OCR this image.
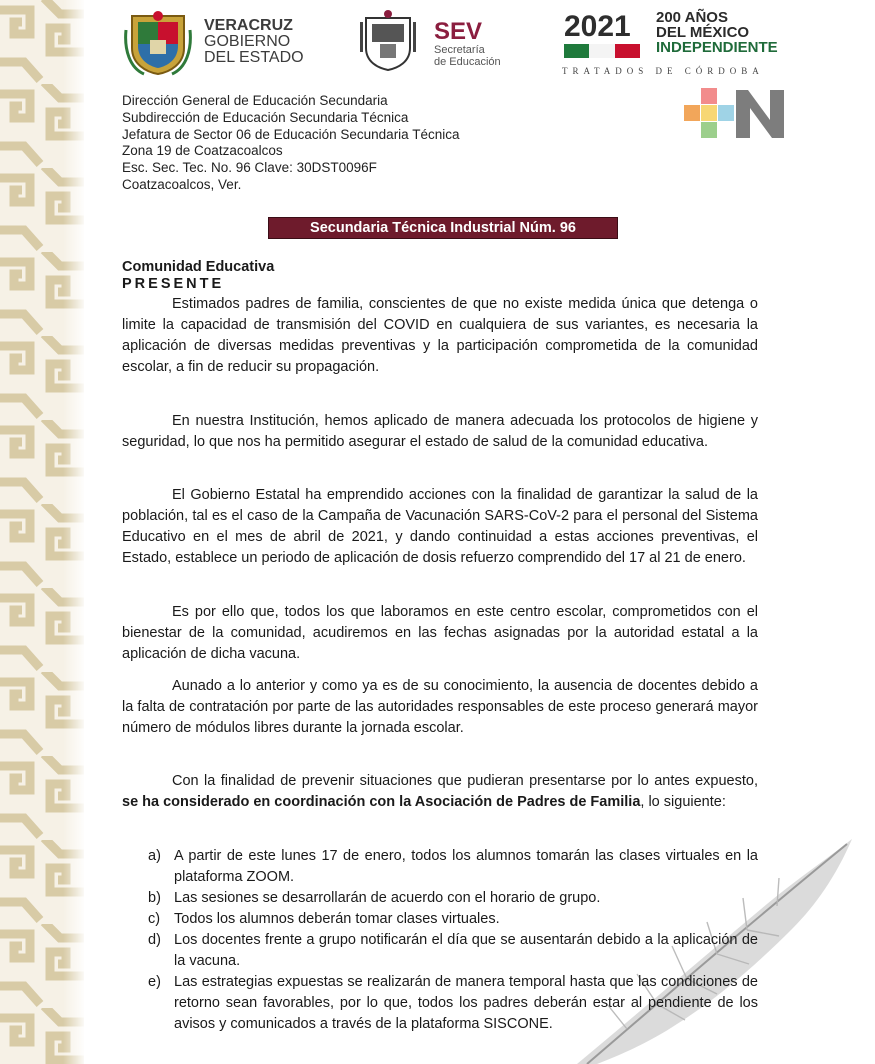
VERACRUZ
GOBIERNO
DEL ESTADO
SEV
Secretaría
de Educación
2021	200 AÑOS
DEL MÉXICO
INDEPENDIENTE
TRATADOS DE CÓRDOBA
Dirección General de Educación Secundaria
Subdirección de Educación Secundaria Técnica
Jefatura de Sector 06 de Educación Secundaria Técnica
Zona 19 de Coatzacoalcos
Esc. Sec. Tec. No. 96 Clave: 30DST0096F
Coatzacoalcos, Ver.
Secundaria Técnica Industrial Núm. 96
Comunidad Educativa
PRESENTE
Estimados padres de familia, conscientes de que no existe medida única que detenga o limite la capacidad de transmisión del COVID en cualquiera de sus variantes, es necesaria la aplicación de diversas medidas preventivas y la participación comprometida de la comunidad escolar, a fin de reducir su propagación.
En nuestra Institución, hemos aplicado de manera adecuada los protocolos de higiene y seguridad, lo que nos ha permitido asegurar el estado de salud de la comunidad educativa.
El Gobierno Estatal ha emprendido acciones con la finalidad de garantizar la salud de la población, tal es el caso de la Campaña de Vacunación SARS-CoV-2 para el personal del Sistema Educativo en el mes de abril de 2021, y dando continuidad a estas acciones preventivas, el Estado, establece un periodo de aplicación de dosis refuerzo comprendido del 17 al 21 de enero.
Es por ello que, todos los que laboramos en este centro escolar, comprometidos con el bienestar de la comunidad, acudiremos en las fechas asignadas por la autoridad estatal a la aplicación de dicha vacuna.
Aunado a lo anterior y como ya es de su conocimiento, la ausencia de docentes debido a la falta de contratación por parte de las autoridades responsables de este proceso generará mayor número de módulos libres durante la jornada escolar.
Con la finalidad de prevenir situaciones que pudieran presentarse por lo antes expuesto, se ha considerado en coordinación con la Asociación de Padres de Familia, lo siguiente:
a) A partir de este lunes 17 de enero, todos los alumnos tomarán las clases virtuales en la plataforma ZOOM.
b) Las sesiones se desarrollarán de acuerdo con el horario de grupo.
c) Todos los alumnos deberán tomar clases virtuales.
d) Los docentes frente a grupo notificarán el día que se ausentarán debido a la aplicación de la vacuna.
e) Las estrategias expuestas se realizarán de manera temporal hasta que las condiciones de retorno sean favorables, por lo que, todos los padres deberán estar al pendiente de los avisos y comunicados a través de la plataforma SISCONE.
